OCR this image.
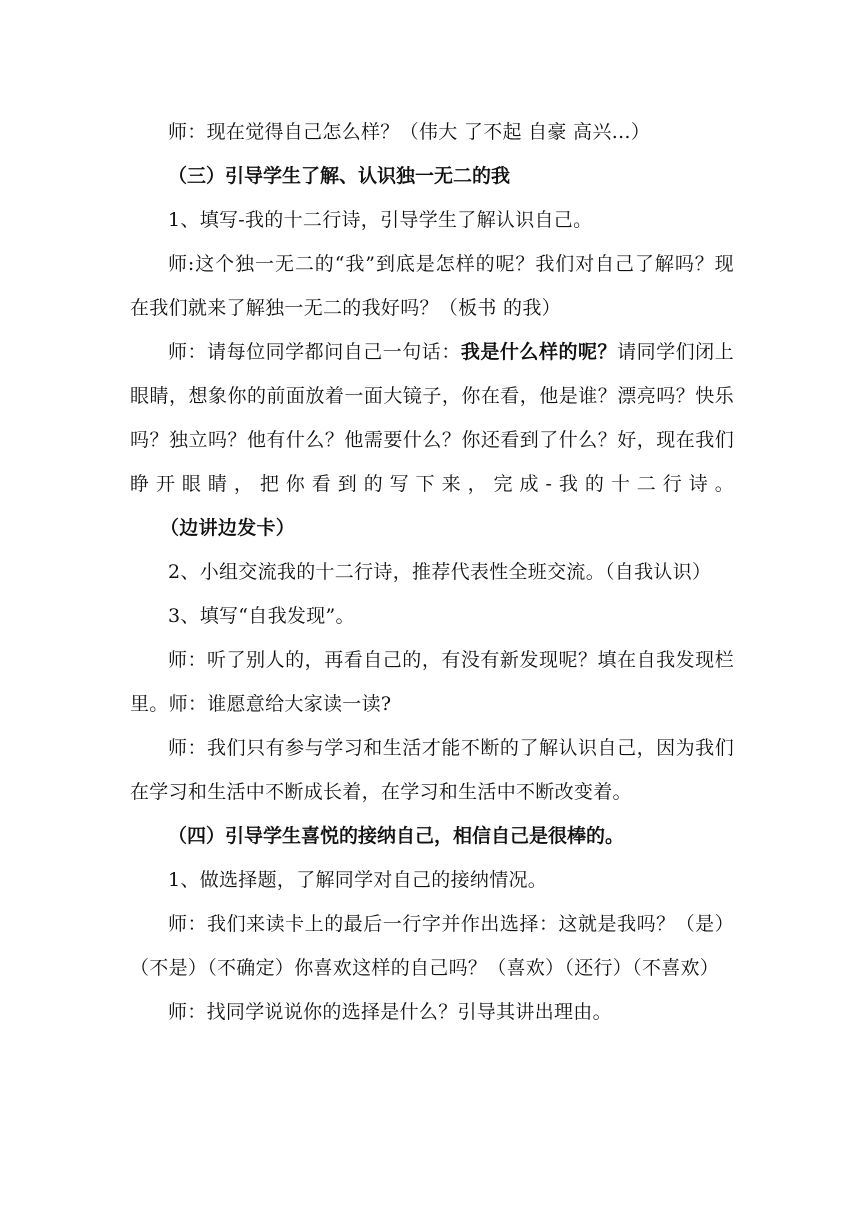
师：现在觉得自己怎么样？（伟大 了不起 自豪 高兴…）

（三）引导学生了解、认识独一无二的我

1、填写-我的十二行诗，引导学生了解认识自己。

师:这个独一无二的“我”到底是怎样的呢？我们对自己了解吗？现在我们就来了解独一无二的我好吗？（板书 的我）

师：请每位同学都问自己一句话：我是什么样的呢？请同学们闭上眼睛，想象你的前面放着一面大镜子，你在看，他是谁？漂亮吗？快乐吗？独立吗？他有什么？他需要什么？你还看到了什么？好，现在我们睁开眼睛，把你看到的写下来，完成-我的十二行诗。（边讲边发卡）

2、小组交流我的十二行诗，推荐代表性全班交流。（自我认识）

3、填写“自我发现”。

师：听了别人的，再看自己的，有没有新发现呢？填在自我发现栏里。师：谁愿意给大家读一读?

师：我们只有参与学习和生活才能不断的了解认识自己，因为我们在学习和生活中不断成长着，在学习和生活中不断改变着。

（四）引导学生喜悦的接纳自己，相信自己是很棒的。

1、做选择题，了解同学对自己的接纳情况。

师：我们来读卡上的最后一行字并作出选择：这就是我吗？（是）（不是）（不确定）你喜欢这样的自己吗？（喜欢）（还行）（不喜欢）

师：找同学说说你的选择是什么？引导其讲出理由。
